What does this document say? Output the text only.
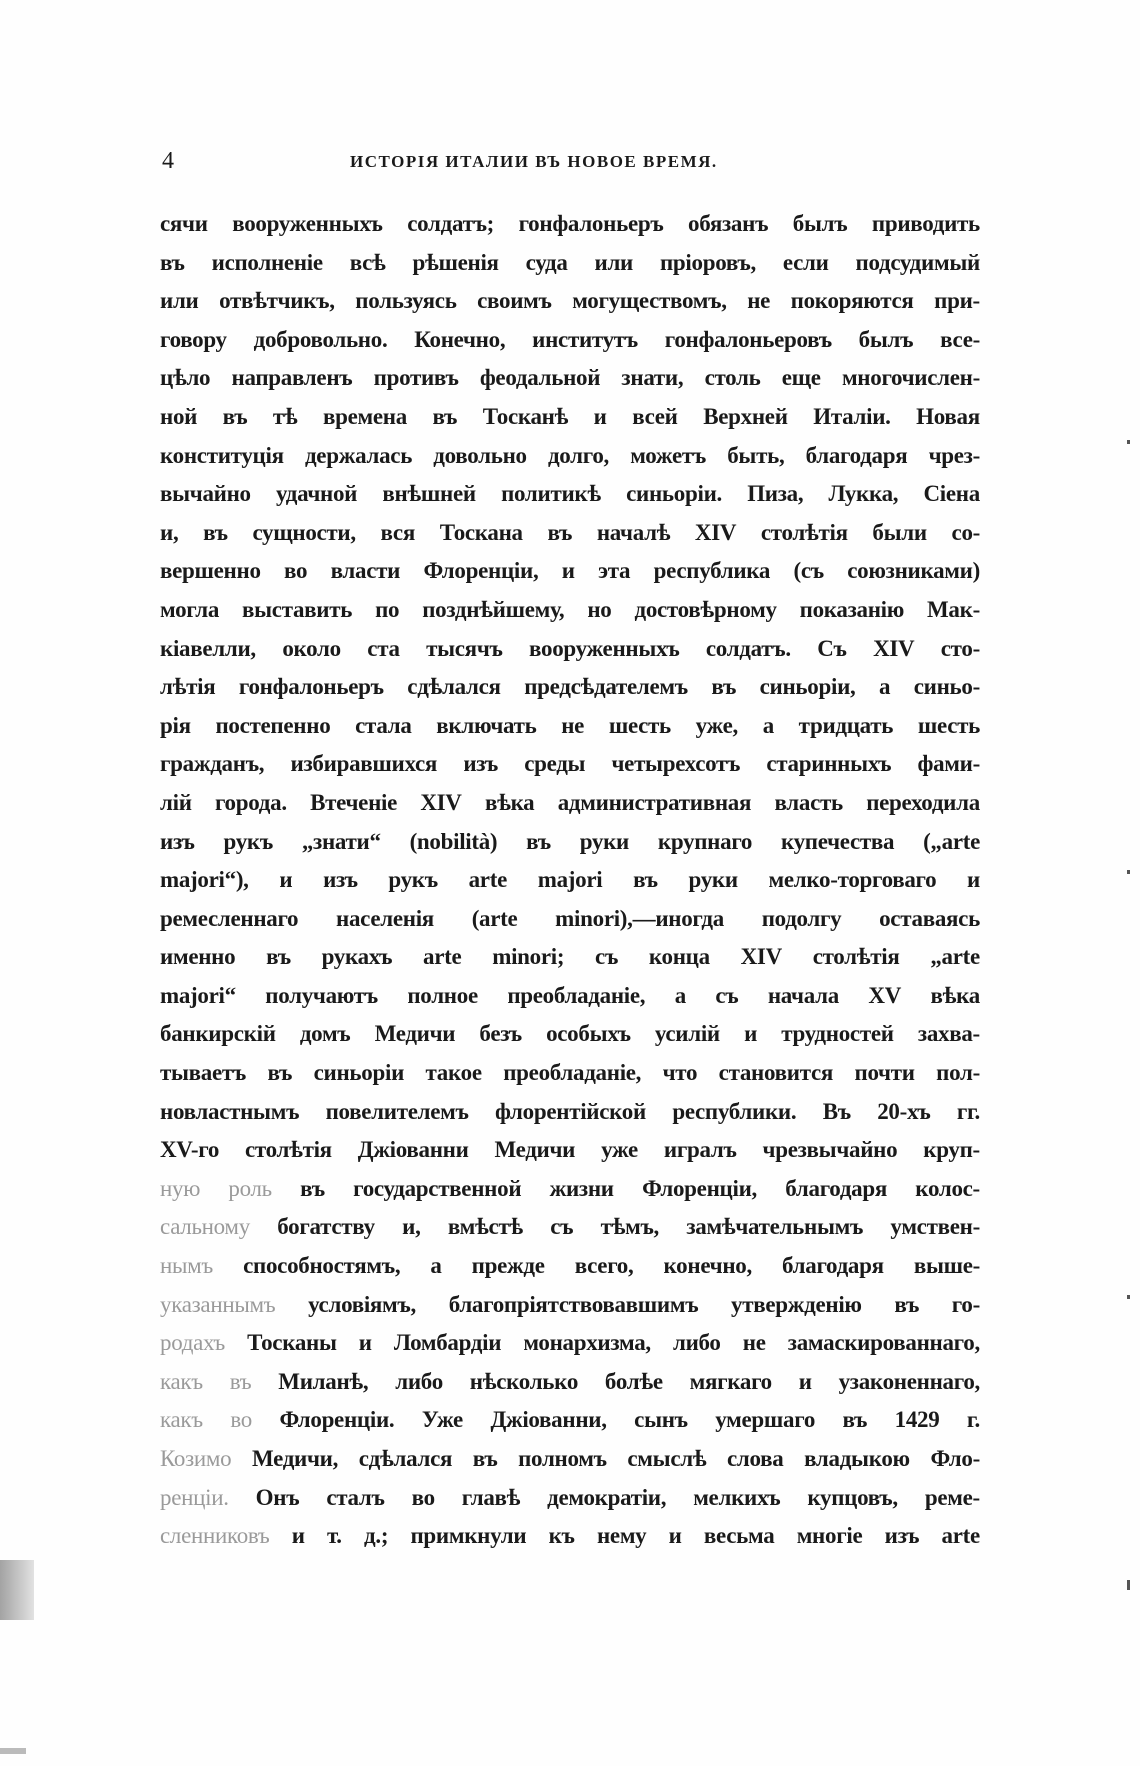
4	ИСТОРІЯ ИТАЛИИ ВЪ НОВОЕ ВРЕМЯ.
сячи вооруженныхъ солдатъ; гонфалоньеръ обязанъ былъ приводить
въ исполненіе всѣ рѣшенія суда или пріоровъ, если подсудимый
или отвѣтчикъ, пользуясь своимъ могуществомъ, не покоряются при-
говору добровольно. Конечно, институтъ гонфалоньеровъ былъ все-
цѣло направленъ противъ феодальной знати, столь еще многочислен-
ной въ тѣ времена въ Тосканѣ и всей Верхней Италіи. Новая
конституція держалась довольно долго, можетъ быть, благодаря чрез-
вычайно удачной внѣшней политикѣ синьоріи. Пиза, Лукка, Сіена
и, въ сущности, вся Тоскана въ началѣ XIV столѣтія были со-
вершенно во власти Флоренціи, и эта республика (съ союзниками)
могла выставить по позднѣйшему, но достовѣрному показанію Мак-
кіавелли, около ста тысячъ вооруженныхъ солдатъ. Съ XIV сто-
лѣтія гонфалоньеръ сдѣлался предсѣдателемъ въ синьоріи, а синьо-
рія постепенно стала включать не шесть уже, а тридцать шесть
гражданъ, избиравшихся изъ среды четырехсотъ старинныхъ фами-
лій города. Втеченіе XIV вѣка административная власть переходила
изъ рукъ „знати“ (nobilità) въ руки крупнаго купечества („arte
majori“), и изъ рукъ arte majori въ руки мелко-торговаго и
ремесленнаго населенія (arte minori),—иногда подолгу оставаясь
именно въ рукахъ arte minori; съ конца XIV столѣтія „arte
majori“ получаютъ полное преобладаніе, а съ начала XV вѣка
банкирскій домъ Медичи безъ особыхъ усилій и трудностей захва-
тываетъ въ синьоріи такое преобладаніе, что становится почти пол-
новластнымъ повелителемъ флорентійской республики. Въ 20-хъ гг.
XV-го столѣтія Джіованни Медичи уже игралъ чрезвычайно круп-
ную роль въ государственной жизни Флоренціи, благодаря колос-
сальному богатству и, вмѣстѣ съ тѣмъ, замѣчательнымъ умствен-
нымъ способностямъ, а прежде всего, конечно, благодаря выше-
указаннымъ условіямъ, благопріятствовавшимъ утвержденію въ го-
родахъ Тосканы и Ломбардіи монархизма, либо не замаскированнаго,
какъ въ Миланѣ, либо нѣсколько болѣе мягкаго и узаконеннаго,
какъ во Флоренціи. Уже Джіованни, сынъ умершаго въ 1429 г.
Козимо Медичи, сдѣлался въ полномъ смыслѣ слова владыкою Фло-
ренціи. Онъ сталъ во главѣ демократіи, мелкихъ купцовъ, реме-
сленниковъ и т. д.; примкнули къ нему и весьма многіе изъ arte
